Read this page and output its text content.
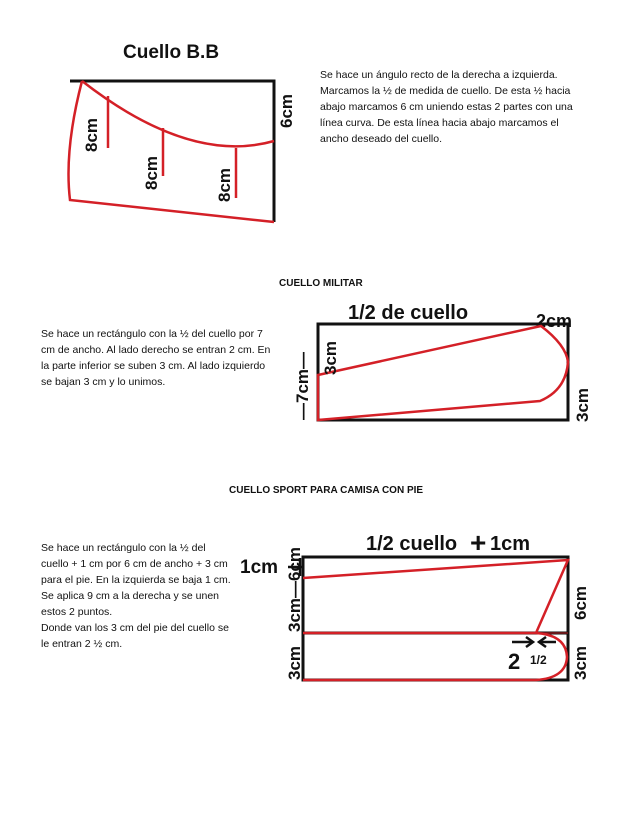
Cuello B.B
8cm
8cm	8cm
6cm
Se hace un ángulo recto de la derecha a izquierda. Marcamos la ½ de medida de cuello. De esta ½ hacia abajo marcamos 6 cm uniendo estas 2 partes con una línea curva. De esta línea hacia abajo marcamos el ancho deseado del cuello.
CUELLO MILITAR
Se hace un rectángulo con la ½ del cuello por 7 cm de ancho. Al lado derecho se entran 2 cm. En la parte inferior se suben 3 cm. Al lado izquierdo se bajan 3 cm y lo unimos.
1/2 de cuello	2cm
—7cm— 3cm
3cm
CUELLO SPORT PARA CAMISA CON PIE
Se hace un rectángulo con la ½ del cuello + 1 cm por 6 cm de ancho + 3 cm para el pie. En la izquierda se baja 1 cm. Se aplica 9 cm a la derecha y se unen estos 2 puntos.
Donde van los 3 cm del pie del cuello se le entran 2 ½ cm.
1/2 cuello + 1cm
1cm
2 1/2
3cm—6cm	6cm
3cm	3cm
